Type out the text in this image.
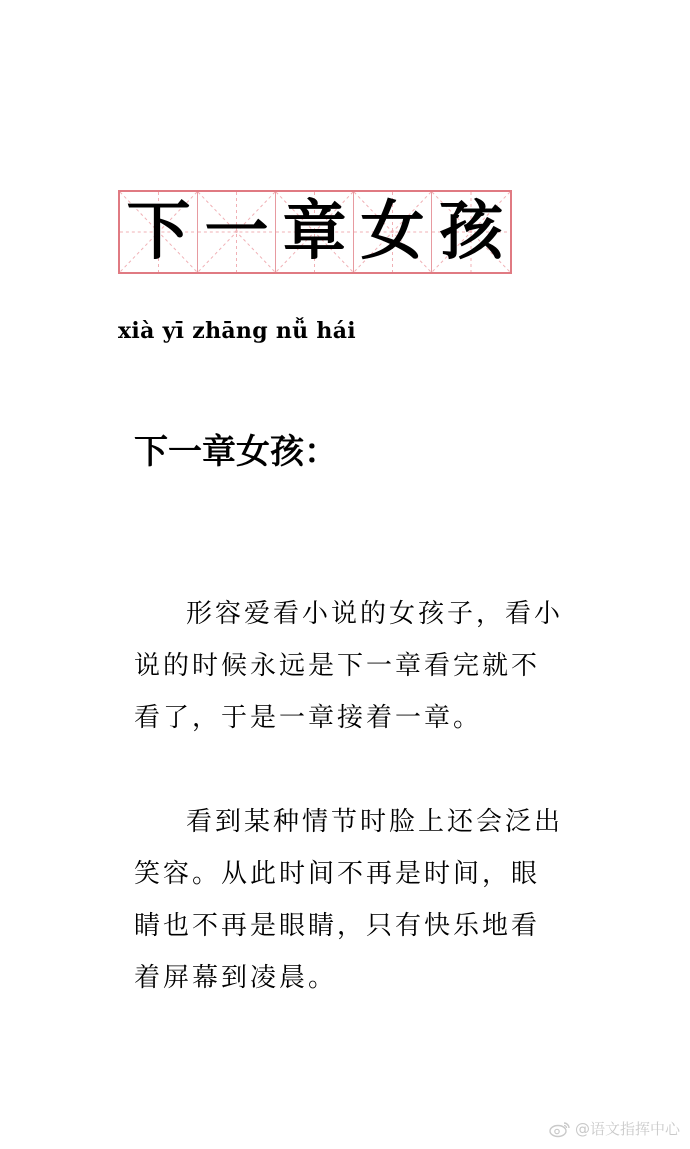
下 一 章 女 孩
xià yī zhāng nǚ hái
下一章女孩：

形容爱看小说的女孩子，看小说的时候永远是下一章看完就不看了，于是一章接着一章。

看到某种情节时脸上还会泛出笑容。从此时间不再是时间，眼睛也不再是眼睛，只有快乐地看着屏幕到凌晨。

@语文指挥中心
